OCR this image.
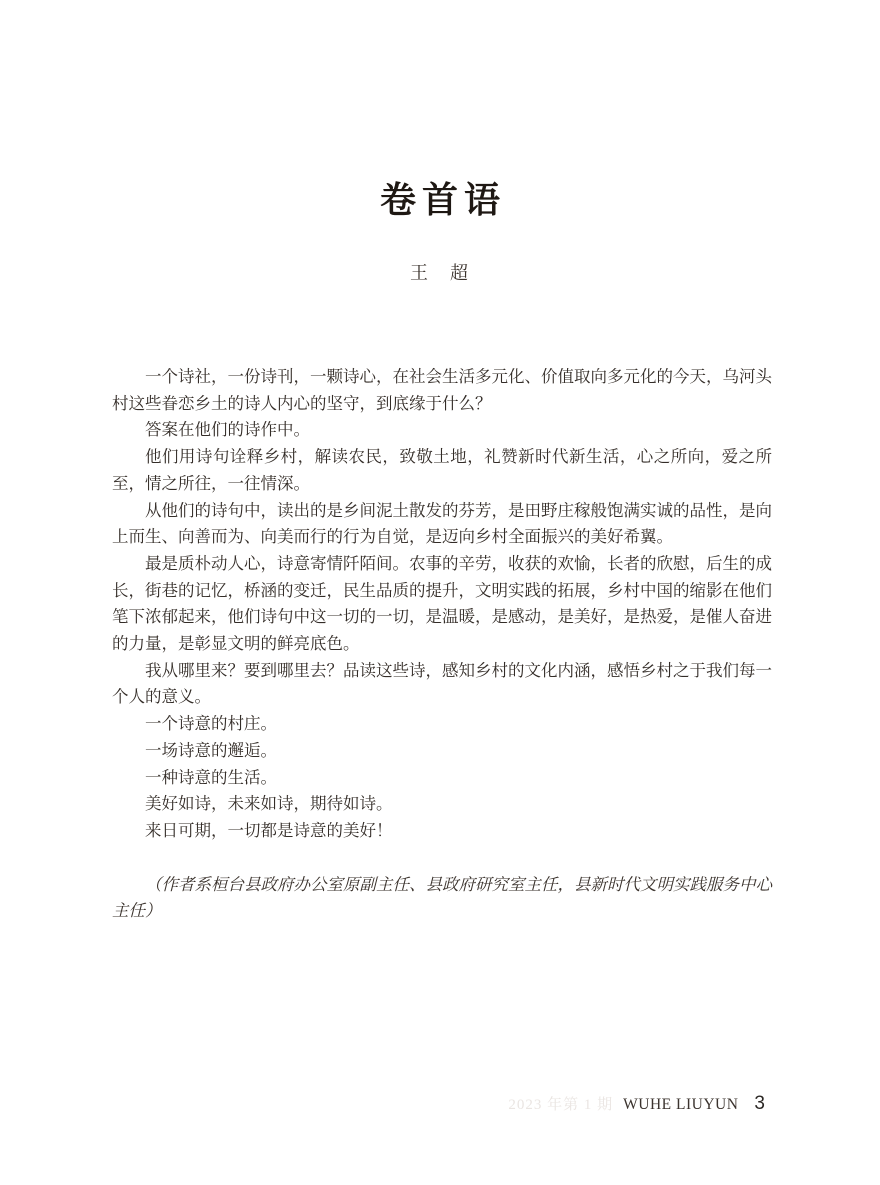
卷首语
王　超

一个诗社，一份诗刊，一颗诗心，在社会生活多元化、价值取向多元化的今天，乌河头村这些眷恋乡土的诗人内心的坚守，到底缘于什么？

答案在他们的诗作中。

他们用诗句诠释乡村，解读农民，致敬土地，礼赞新时代新生活，心之所向，爱之所至，情之所往，一往情深。

从他们的诗句中，读出的是乡间泥土散发的芬芳，是田野庄稼般饱满实诚的品性，是向上而生、向善而为、向美而行的行为自觉，是迈向乡村全面振兴的美好希翼。

最是质朴动人心，诗意寄情阡陌间。农事的辛劳，收获的欢愉，长者的欣慰，后生的成长，街巷的记忆，桥涵的变迁，民生品质的提升，文明实践的拓展，乡村中国的缩影在他们笔下浓郁起来，他们诗句中这一切的一切，是温暖，是感动，是美好，是热爱，是催人奋进的力量，是彰显文明的鲜亮底色。

我从哪里来？要到哪里去？品读这些诗，感知乡村的文化内涵，感悟乡村之于我们每一个人的意义。

一个诗意的村庄。

一场诗意的邂逅。

一种诗意的生活。

美好如诗，未来如诗，期待如诗。

来日可期，一切都是诗意的美好！

（作者系桓台县政府办公室原副主任、县政府研究室主任，县新时代文明实践服务中心主任）

2023 年第 1 期 WUHE LIUYUN 3
